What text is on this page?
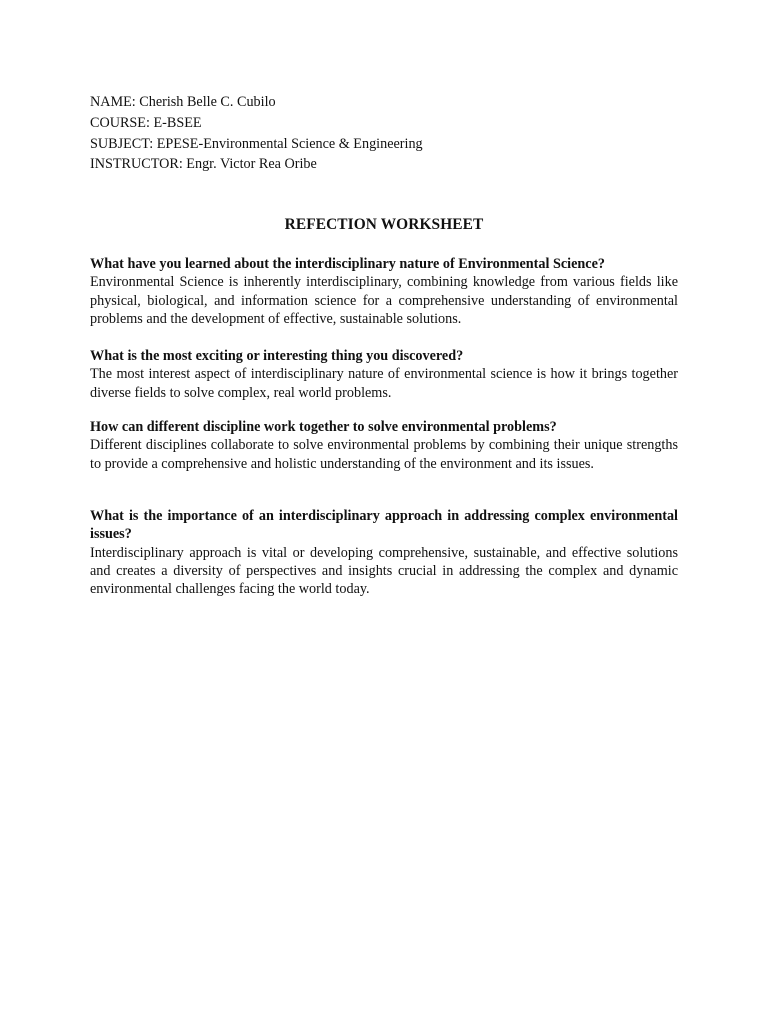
NAME: Cherish Belle C. Cubilo
COURSE: E-BSEE
SUBJECT: EPESE-Environmental Science & Engineering
INSTRUCTOR: Engr. Victor Rea Oribe
REFECTION WORKSHEET
What have you learned about the interdisciplinary nature of Environmental Science?
Environmental Science is inherently interdisciplinary, combining knowledge from various fields like physical, biological, and information science for a comprehensive understanding of environmental problems and the development of effective, sustainable solutions.
What is the most exciting or interesting thing you discovered?
The most interest aspect of interdisciplinary nature of environmental science is how it brings together diverse fields to solve complex, real world problems.
How can different discipline work together to solve environmental problems?
Different disciplines collaborate to solve environmental problems by combining their unique strengths to provide a comprehensive and holistic understanding of the environment and its issues.
What is the importance of an interdisciplinary approach in addressing complex environmental issues?
Interdisciplinary approach is vital or developing comprehensive, sustainable, and effective solutions and creates a diversity of perspectives and insights crucial in addressing the complex and dynamic environmental challenges facing the world today.
